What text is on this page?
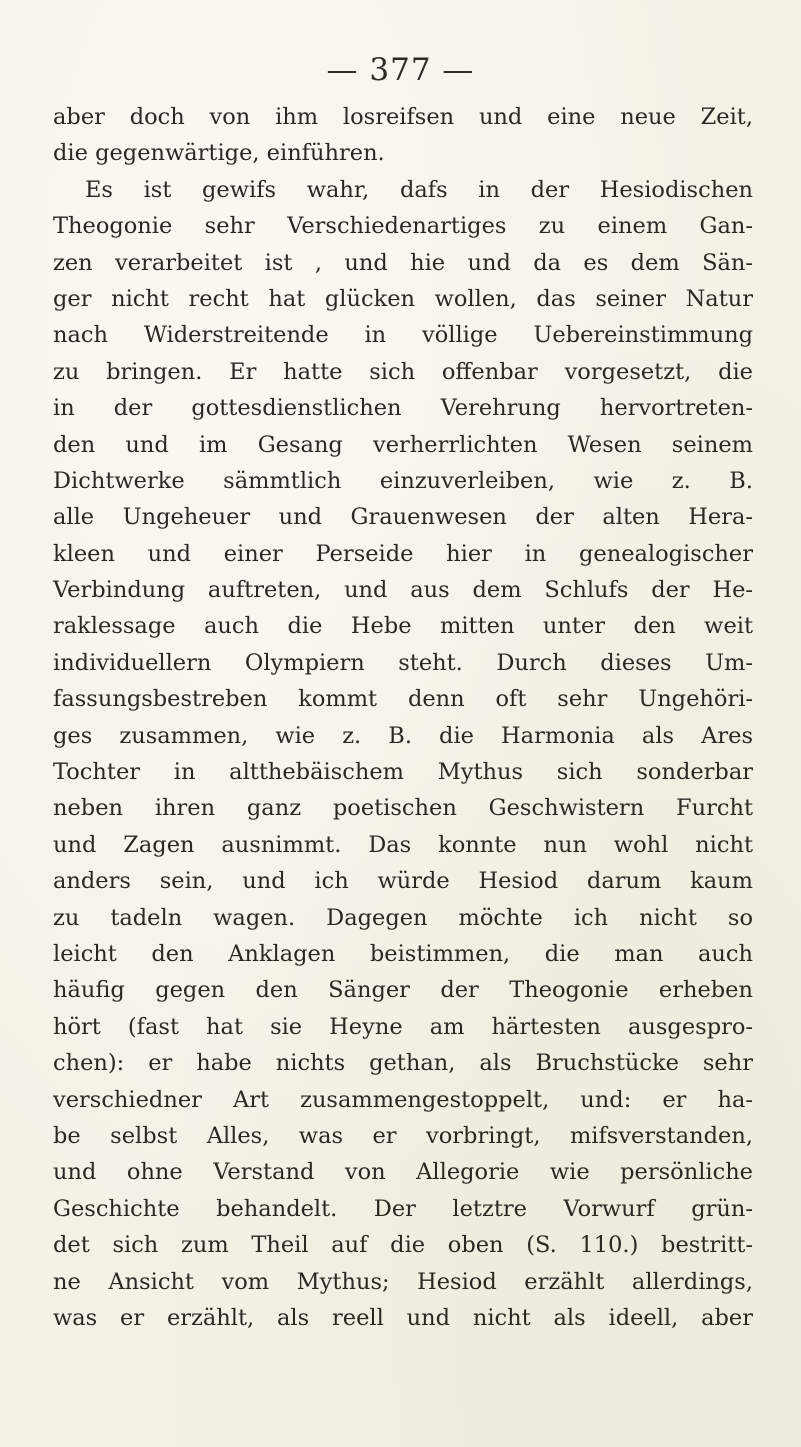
— 377 —
aber doch von ihm losreifsen und eine neue Zeit,
die gegenwärtige, einführen.
Es ist gewifs wahr, dafs in der Hesiodischen
Theogonie sehr Verschiedenartiges zu einem Gan-
zen verarbeitet ist , und hie und da es dem Sän-
ger nicht recht hat glücken wollen, das seiner Natur
nach Widerstreitende in völlige Uebereinstimmung
zu bringen. Er hatte sich offenbar vorgesetzt, die
in der gottesdienstlichen Verehrung hervortreten-
den und im Gesang verherrlichten Wesen seinem
Dichtwerke sämmtlich einzuverleiben, wie z. B.
alle Ungeheuer und Grauenwesen der alten Hera-
kleen und einer Perseide hier in genealogischer
Verbindung auftreten, und aus dem Schlufs der He-
raklessage auch die Hebe mitten unter den weit
individuellern Olympiern steht. Durch dieses Um-
fassungsbestreben kommt denn oft sehr Ungehöri-
ges zusammen, wie z. B. die Harmonia als Ares
Tochter in altthebäischem Mythus sich sonderbar
neben ihren ganz poetischen Geschwistern Furcht
und Zagen ausnimmt. Das konnte nun wohl nicht
anders sein, und ich würde Hesiod darum kaum
zu tadeln wagen. Dagegen möchte ich nicht so
leicht den Anklagen beistimmen, die man auch
häufig gegen den Sänger der Theogonie erheben
hört (fast hat sie Heyne am härtesten ausgespro-
chen): er habe nichts gethan, als Bruchstücke sehr
verschiedner Art zusammengestoppelt, und: er ha-
be selbst Alles, was er vorbringt, mifsverstanden,
und ohne Verstand von Allegorie wie persönliche
Geschichte behandelt. Der letztre Vorwurf grün-
det sich zum Theil auf die oben (S. 110.) bestritt-
ne Ansicht vom Mythus; Hesiod erzählt allerdings,
was er erzählt, als reell und nicht als ideell, aber
